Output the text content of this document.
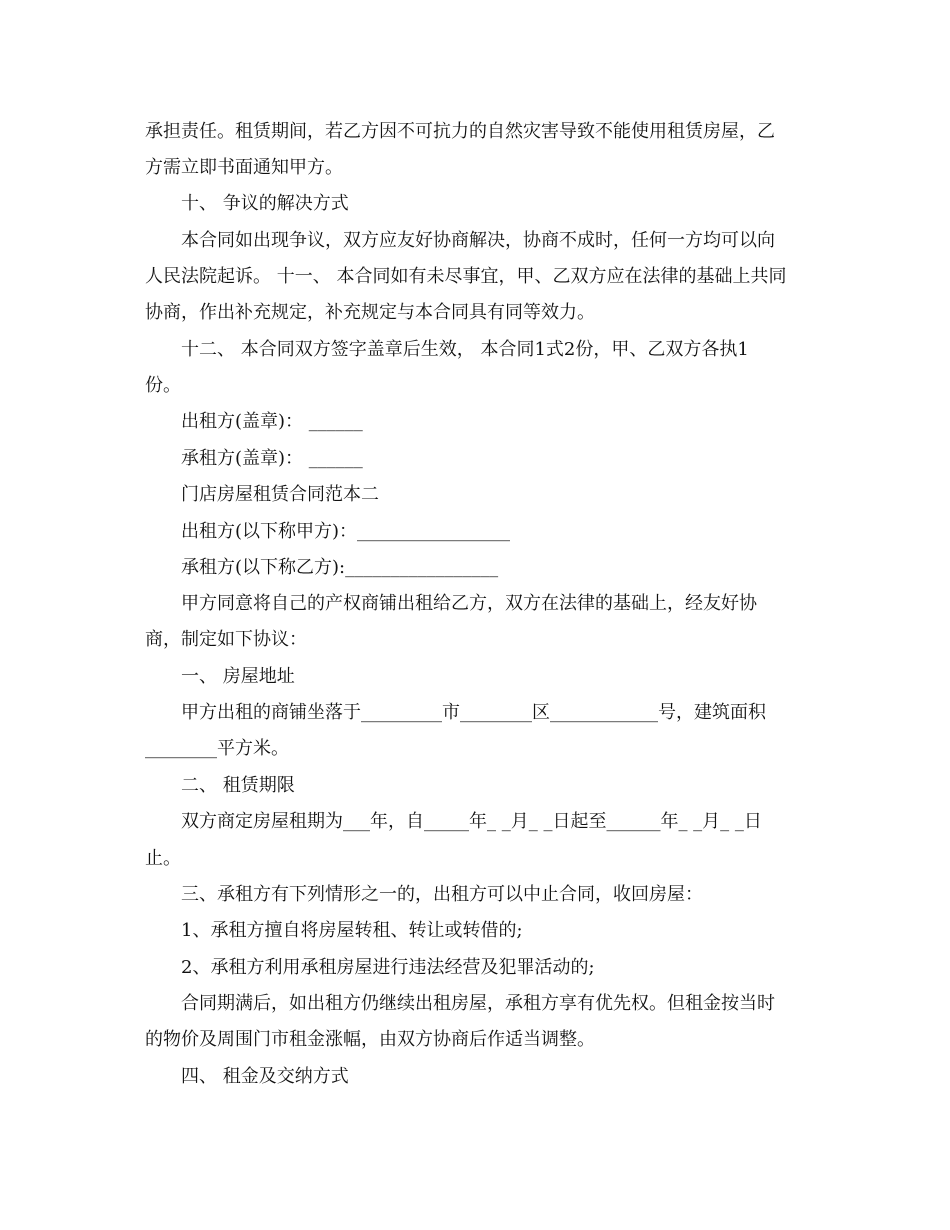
承担责任。租赁期间，若乙方因不可抗力的自然灾害导致不能使用租赁房屋，乙
方需立即书面通知甲方。
十、 争议的解决方式
本合同如出现争议，双方应友好协商解决，协商不成时，任何一方均可以向
人民法院起诉。 十一、 本合同如有未尽事宜，甲、乙双方应在法律的基础上共同
协商，作出补充规定，补充规定与本合同具有同等效力。
十二、 本合同双方签字盖章后生效， 本合同1式2份，甲、乙双方各执1
份。
出租方(盖章)： ______
承租方(盖章)： ______
门店房屋租赁合同范本二
出租方(以下称甲方)：_________________
承租方(以下称乙方):_________________
甲方同意将自己的产权商铺出租给乙方，双方在法律的基础上，经友好协
商，制定如下协议：
一、 房屋地址
甲方出租的商铺坐落于_________市________区____________号，建筑面积
________平方米。
二、 租赁期限
双方商定房屋租期为___年，自_____年_ _月_ _日起至______年_ _月_ _日
止。
三、承租方有下列情形之一的，出租方可以中止合同，收回房屋：
1、承租方擅自将房屋转租、转让或转借的;
2、承租方利用承租房屋进行违法经营及犯罪活动的;
合同期满后，如出租方仍继续出租房屋，承租方享有优先权。但租金按当时
的物价及周围门市租金涨幅，由双方协商后作适当调整。
四、 租金及交纳方式
